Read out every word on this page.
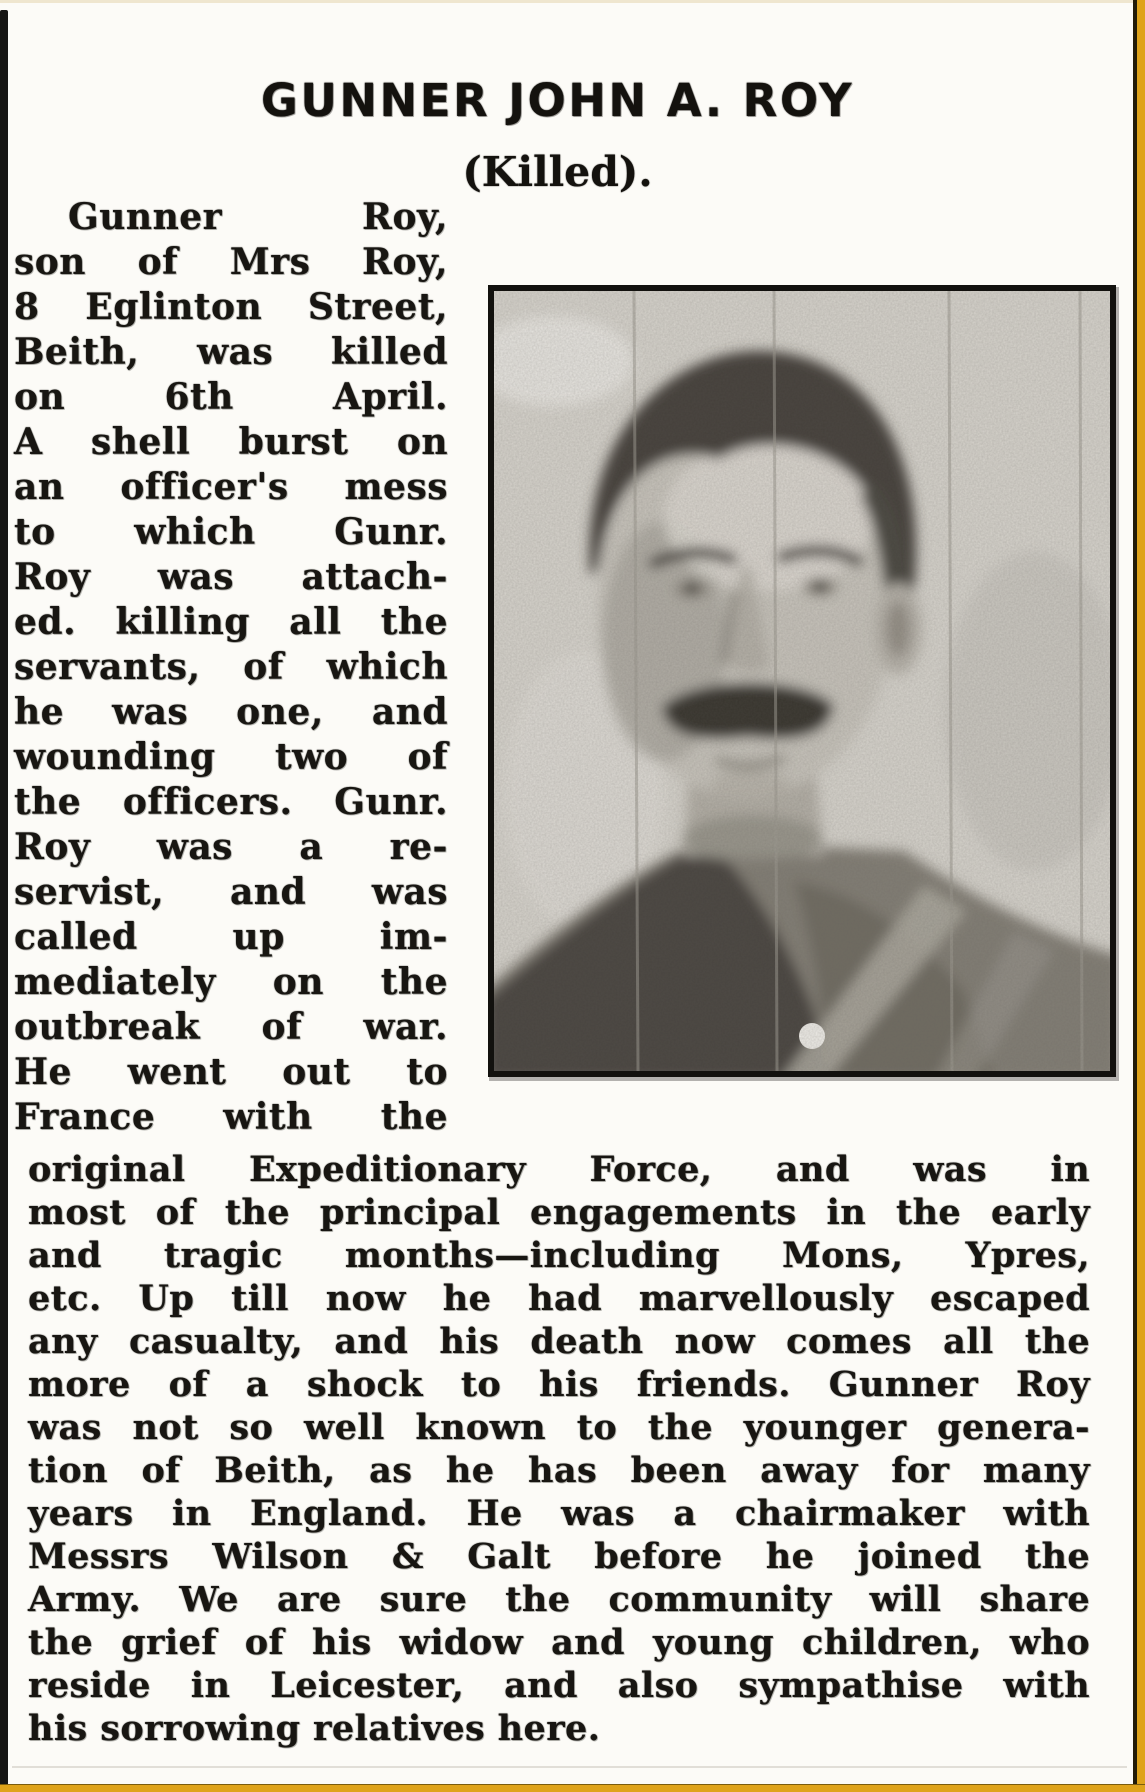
GUNNER JOHN A. ROY
(Killed).
Gunner Roy,
son of Mrs Roy,
8 Eglinton Street,
Beith, was killed
on 6th April.
A shell burst on
an officer's mess
to which Gunr.
Roy was attach-
ed. killing all the
servants, of which
he was one, and
wounding two of
the officers. Gunr.
Roy was a re-
servist, and was
called up im-
mediately on the
outbreak of war.
He went out to
France with the
original Expeditionary Force, and was in
most of the principal engagements in the early
and tragic months—including Mons, Ypres,
etc. Up till now he had marvellously escaped
any casualty, and his death now comes all the
more of a shock to his friends. Gunner Roy
was not so well known to the younger genera-
tion of Beith, as he has been away for many
years in England. He was a chairmaker with
Messrs Wilson & Galt before he joined the
Army. We are sure the community will share
the grief of his widow and young children, who
reside in Leicester, and also sympathise with
his sorrowing relatives here.
